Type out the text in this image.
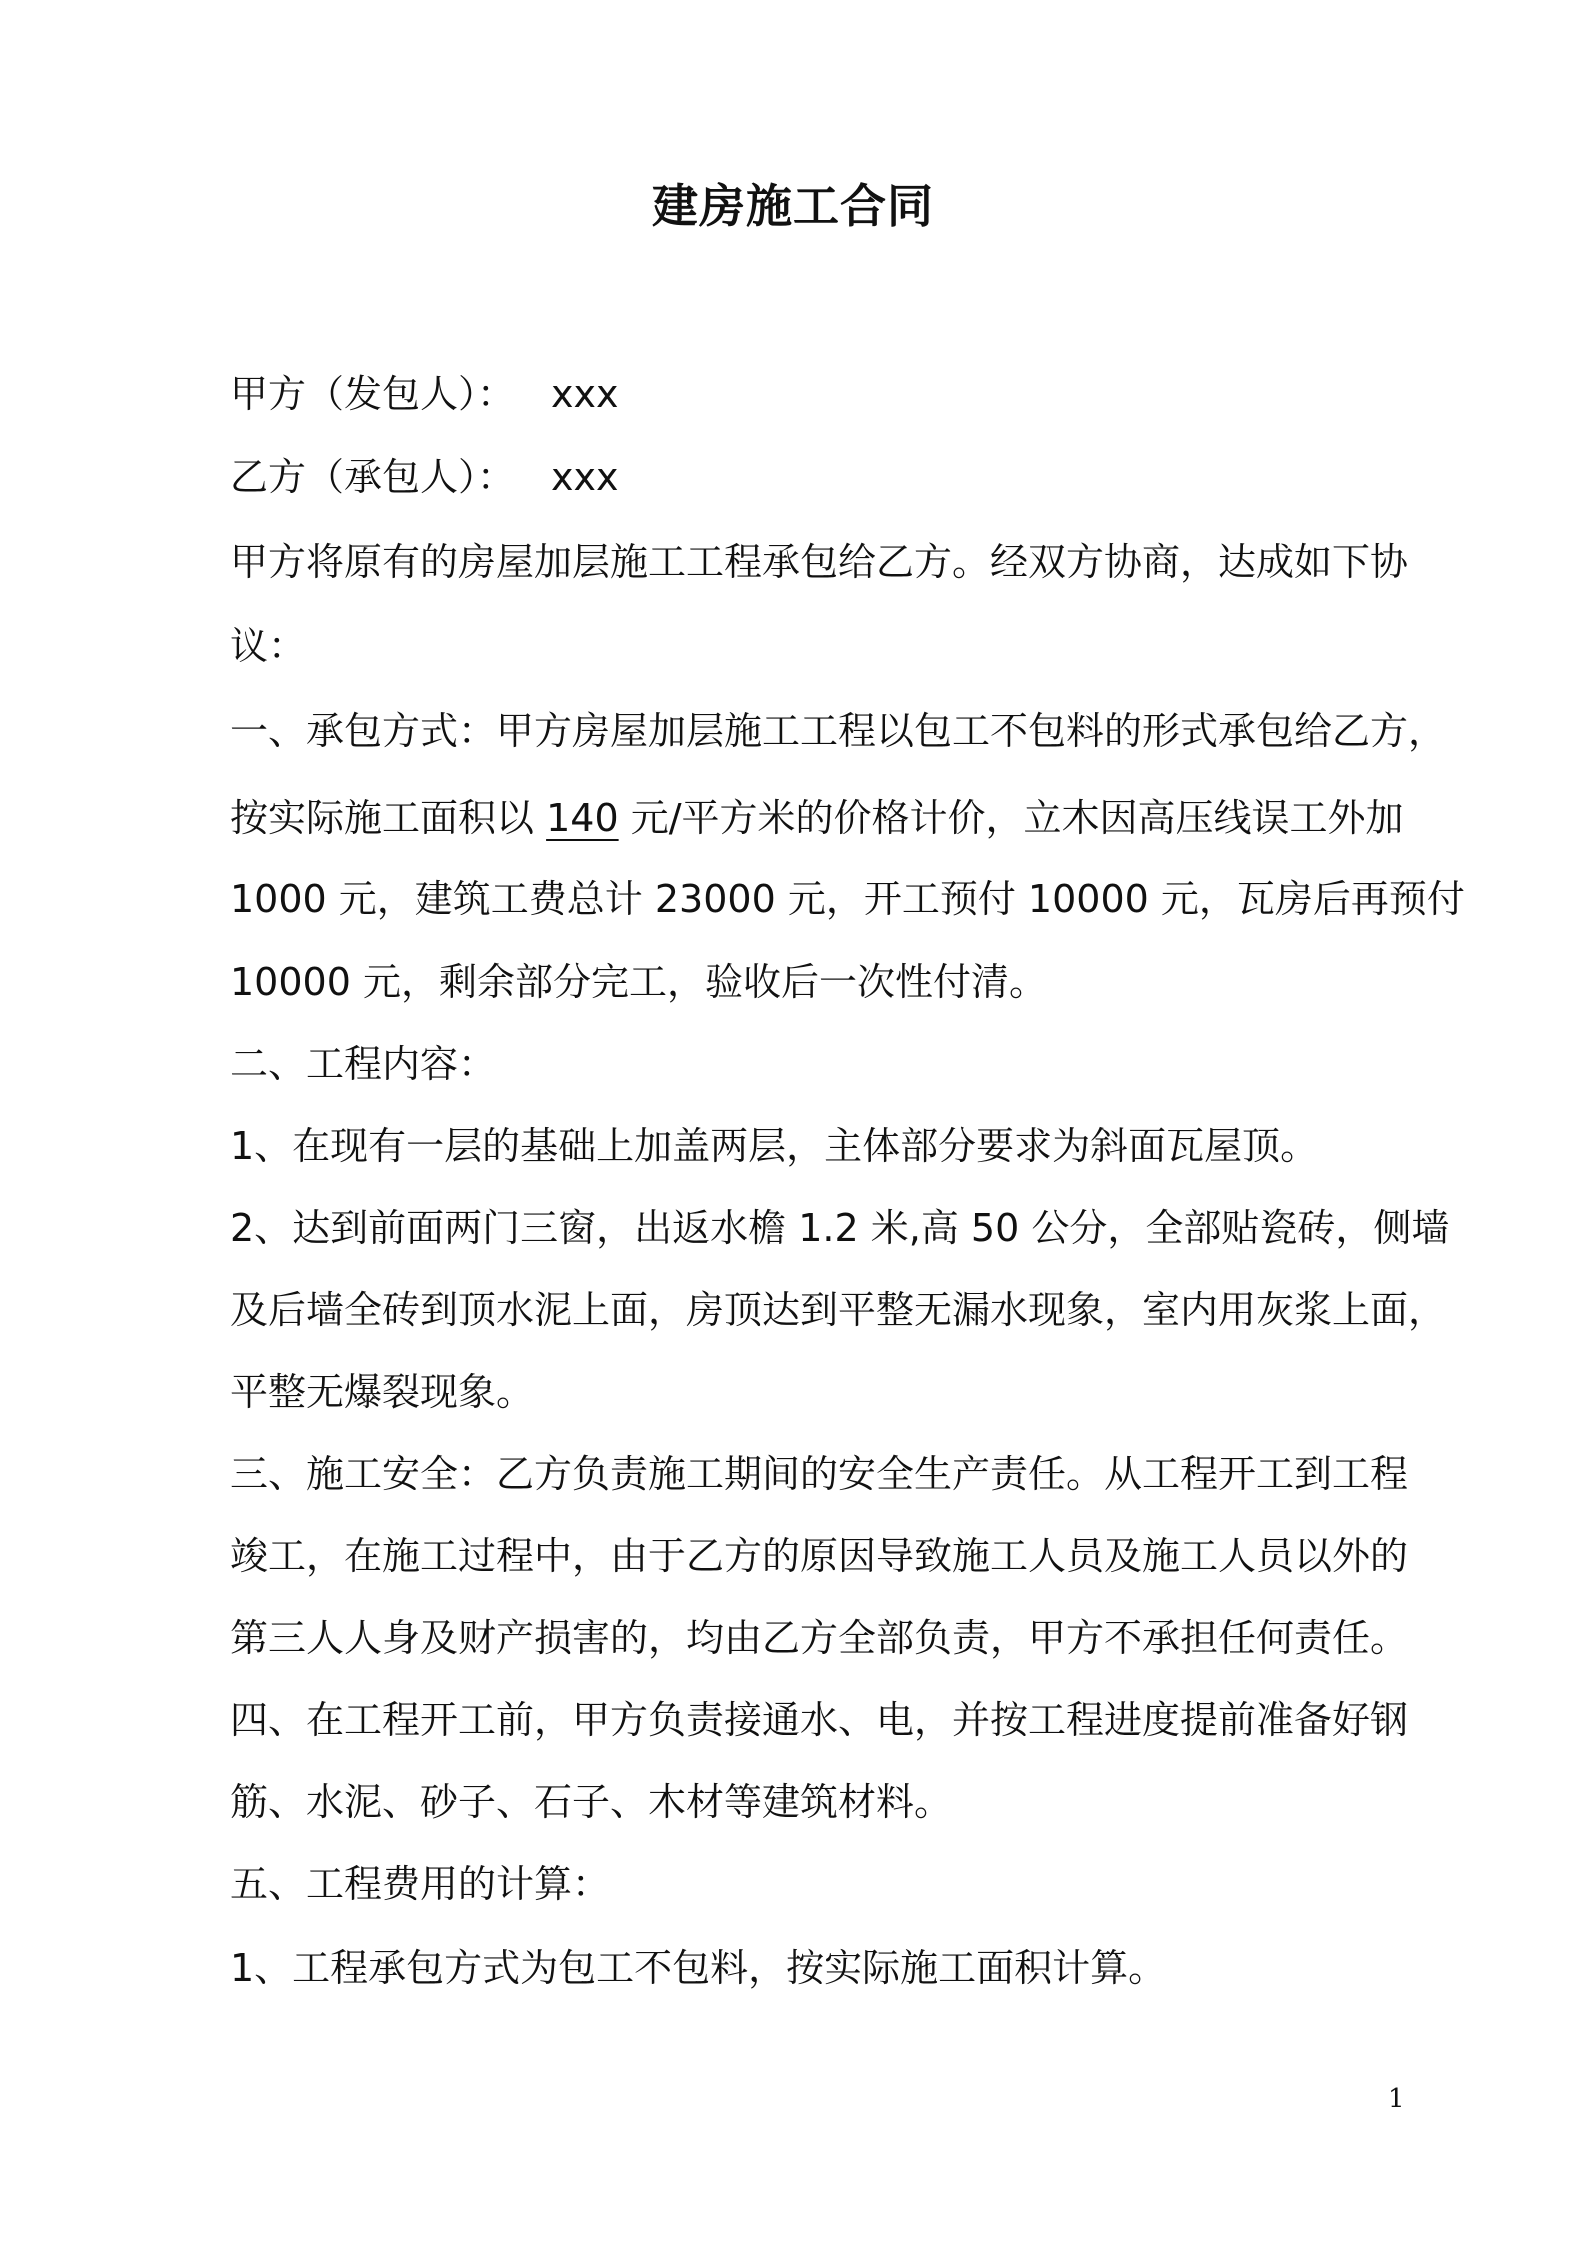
建房施工合同
甲方（发包人）： xxx
乙方（承包人）： xxx
甲方将原有的房屋加层施工工程承包给乙方。经双方协商，达成如下协
议：
一、承包方式：甲方房屋加层施工工程以包工不包料的形式承包给乙方，
按实际施工面积以 140 元/平方米的价格计价，立木因高压线误工外加
1000 元，建筑工费总计 23000 元，开工预付 10000 元，瓦房后再预付
10000 元，剩余部分完工，验收后一次性付清。
二、工程内容：
1、在现有一层的基础上加盖两层，主体部分要求为斜面瓦屋顶。
2、达到前面两门三窗，出返水檐 1.2 米,高 50 公分，全部贴瓷砖，侧墙
及后墙全砖到顶水泥上面，房顶达到平整无漏水现象，室内用灰浆上面，
平整无爆裂现象。
三、施工安全：乙方负责施工期间的安全生产责任。从工程开工到工程
竣工，在施工过程中，由于乙方的原因导致施工人员及施工人员以外的
第三人人身及财产损害的，均由乙方全部负责，甲方不承担任何责任。
四、在工程开工前，甲方负责接通水、电，并按工程进度提前准备好钢
筋、水泥、砂子、石子、木材等建筑材料。
五、工程费用的计算：
1、工程承包方式为包工不包料，按实际施工面积计算。
1
